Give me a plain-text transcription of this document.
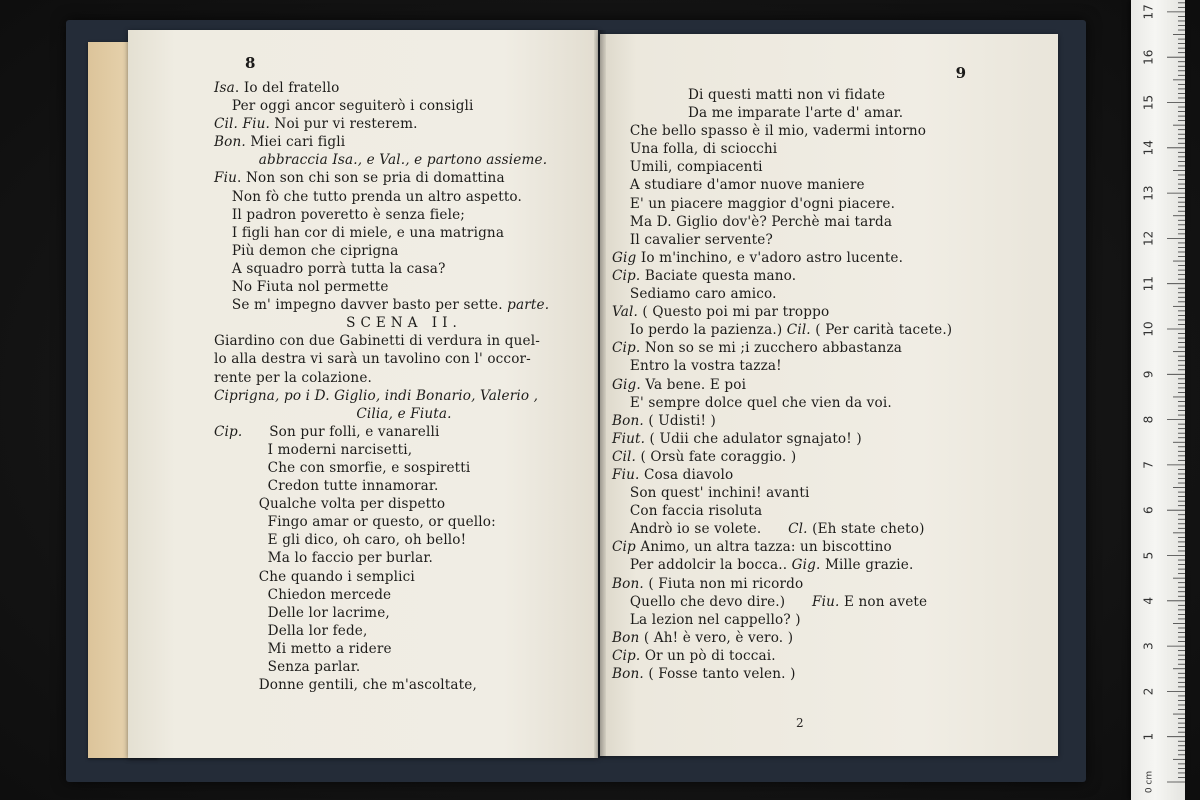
8
Isa. Io del fratello
Per oggi ancor seguiterò i consigli
Cil. Fiu. Noi pur vi resterem.
Bon. Miei cari figli
abbraccia Isa., e Val., e partono assieme.
Fiu. Non son chi son se pria di domattina
Non fò che tutto prenda un altro aspetto.
Il padron poveretto è senza fiele;
I figli han cor di miele, e una matrigna
Più demon che ciprigna
A squadro porrà tutta la casa?
No Fiuta nol permette
Se m' impegno davver basto per sette. parte.
SCENA II.
Giardino con due Gabinetti di verdura in quel-
lo alla destra vi sarà un tavolino con l' occor-
rente per la colazione.
Ciprigna, po i D. Giglio, indi Bonario, Valerio ,
Cilia, e Fiuta.
Cip.      Son pur folli, e vanarelli
I moderni narcisetti,
Che con smorfie, e sospiretti
Credon tutte innamorar.
Qualche volta per dispetto
Fingo amar or questo, or quello:
E gli dico, oh caro, oh bello!
Ma lo faccio per burlar.
Che quando i semplici
Chiedon mercede
Delle lor lacrime,
Della lor fede,
Mi metto a ridere
Senza parlar.
Donne gentili, che m'ascoltate,
9
Di questi matti non vi fidate
Da me imparate l'arte d' amar.
Che bello spasso è il mio, vadermi intorno
Una folla, di sciocchi
Umili, compiacenti
A studiare d'amor nuove maniere
E' un piacere maggior d'ogni piacere.
Ma D. Giglio dov'è? Perchè mai tarda
Il cavalier servente?
Gig Io m'inchino, e v'adoro astro lucente.
Cip. Baciate questa mano.
Sediamo caro amico.
Val. ( Questo poi mi par troppo
Io perdo la pazienza.) Cil. ( Per carità tacete.)
Cip. Non so se mi ;i zucchero abbastanza
Entro la vostra tazza!
Gig. Va bene. E poi
E' sempre dolce quel che vien da voi.
Bon. ( Udisti! )
Fiut. ( Udii che adulator sgnajato! )
Cil. ( Orsù fate coraggio. )
Fiu. Cosa diavolo
Son quest' inchini! avanti
Con faccia risoluta
Andrò io se volete.      Cl. (Eh state cheto)
Cip Animo, un altra tazza: un biscottino
Per addolcir la bocca.. Gig. Mille grazie.
Bon. ( Fiuta non mi ricordo
Quello che devo dire.)      Fiu. E non avete
La lezion nel cappello? )
Bon ( Ah! è vero, è vero. )
Cip. Or un pò di toccai.
Bon. ( Fosse tanto velen. )
2
0 cm
1
2
3
4
5
6
7
8
9
10
11
12
13
14
15
16
17
